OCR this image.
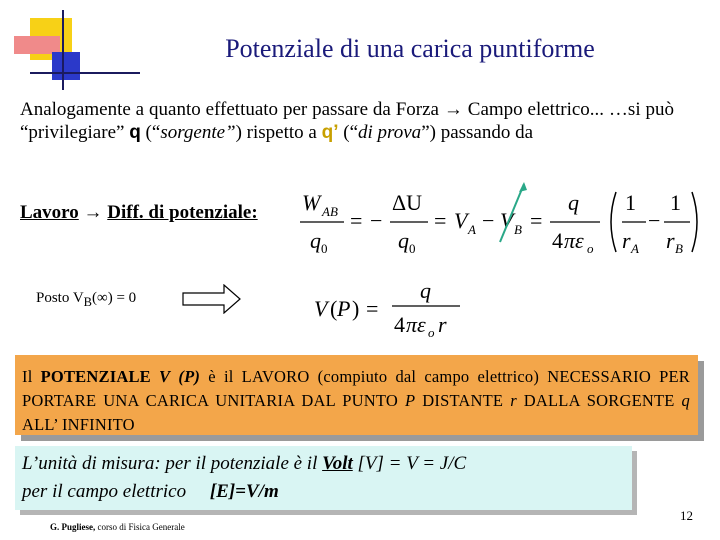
Potenziale di una carica puntiforme
Analogamente a quanto effettuato per passare da Forza → Campo elettrico... …si può “privilegiare” q (“sorgente”) rispetto a q’ (“di prova”) passando da
Lavoro → Diff. di potenziale: W AB
q 0
= −
ΔU
q 0
= V A − V B =
q
4 πε o
1
r A
−
1
r B
Posto $V_B(\infty) = 0$	V ( P ) =
q
4 πε o r
Il POTENZIALE V (P) è il LAVORO (compiuto dal campo elettrico) NECESSARIO PER PORTARE UNA CARICA UNITARIA DAL PUNTO P DISTANTE r DALLA SORGENTE q ALL’ INFINITO
L’unità di misura: per il potenziale è il Volt [V] = V = J/C
per il campo elettrico     [E]=V/m
G. Pugliese, corso di Fisica Generale
12
